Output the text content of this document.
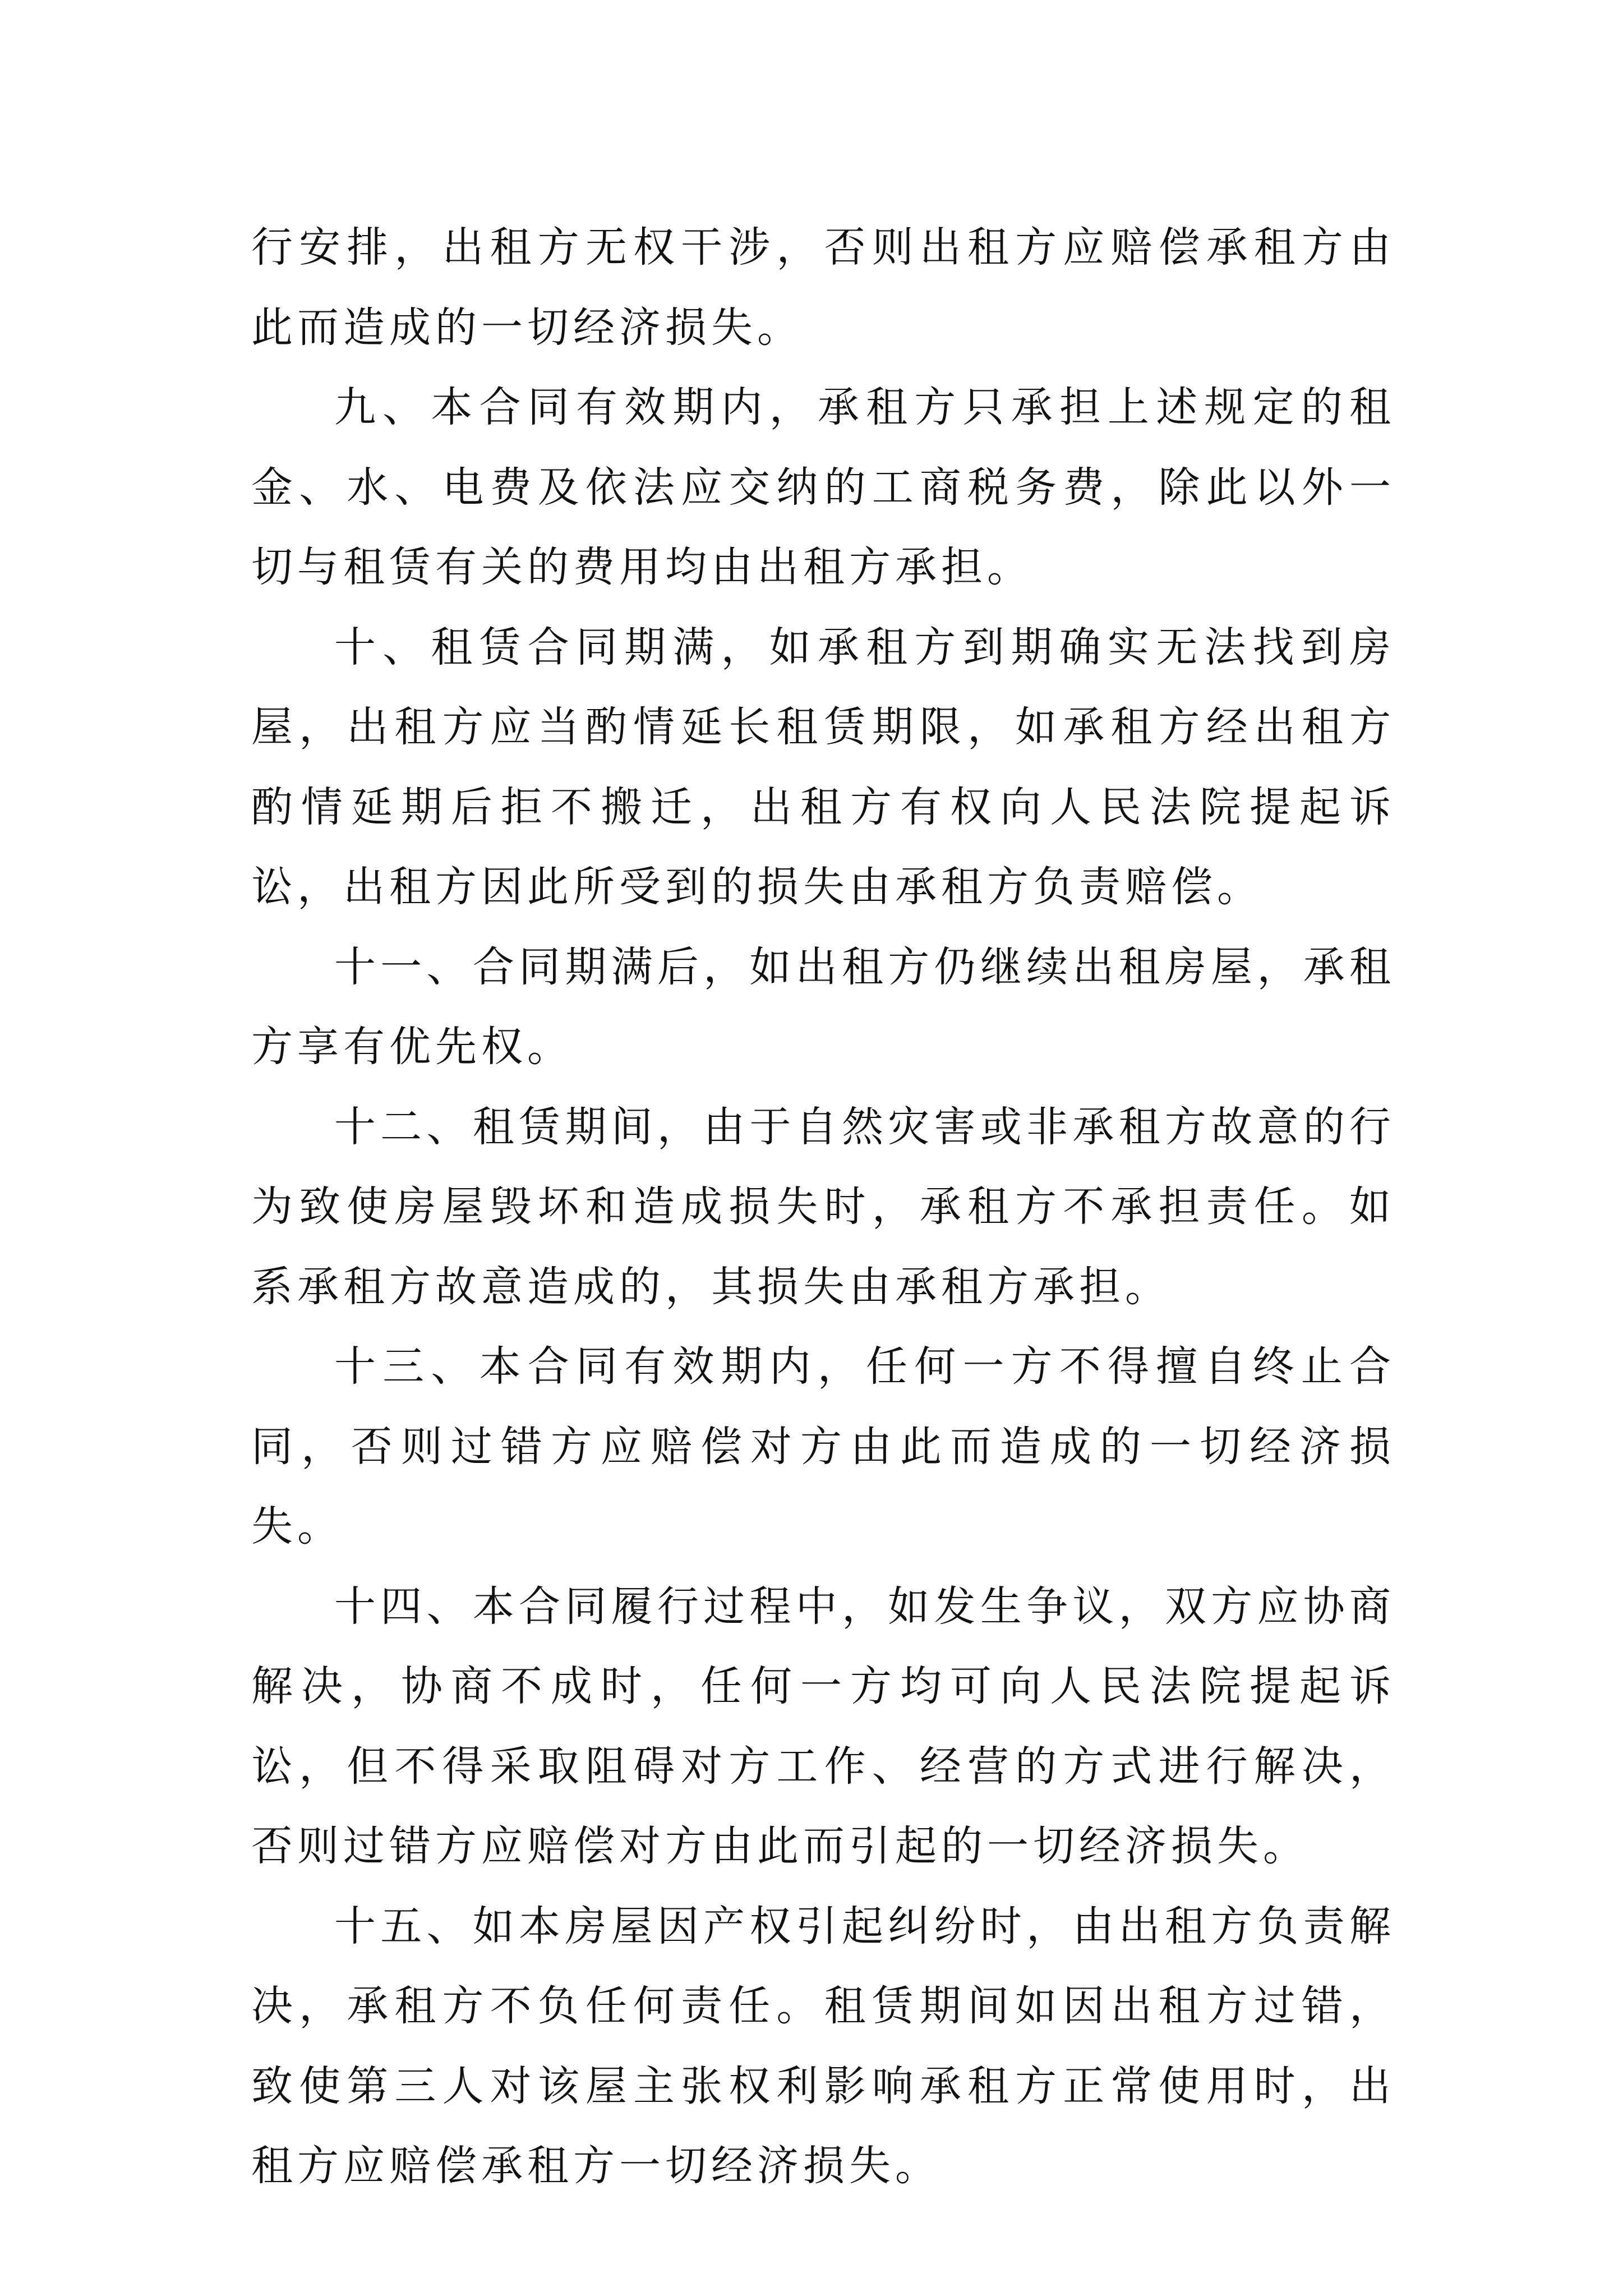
行安排，出租方无权干涉，否则出租方应赔偿承租方由此而造成的一切经济损失。

九、本合同有效期内，承租方只承担上述规定的租金、水、电费及依法应交纳的工商税务费，除此以外一切与租赁有关的费用均由出租方承担。

十、租赁合同期满，如承租方到期确实无法找到房屋，出租方应当酌情延长租赁期限，如承租方经出租方酌情延期后拒不搬迁，出租方有权向人民法院提起诉讼，出租方因此所受到的损失由承租方负责赔偿。

十一、合同期满后，如出租方仍继续出租房屋，承租方享有优先权。

十二、租赁期间，由于自然灾害或非承租方故意的行为致使房屋毁坏和造成损失时，承租方不承担责任。如系承租方故意造成的，其损失由承租方承担。

十三、本合同有效期内，任何一方不得擅自终止合同，否则过错方应赔偿对方由此而造成的一切经济损失。

十四、本合同履行过程中，如发生争议，双方应协商解决，协商不成时，任何一方均可向人民法院提起诉讼，但不得采取阻碍对方工作、经营的方式进行解决，否则过错方应赔偿对方由此而引起的一切经济损失。

十五、如本房屋因产权引起纠纷时，由出租方负责解决，承租方不负任何责任。租赁期间如因出租方过错，致使第三人对该屋主张权利影响承租方正常使用时，出租方应赔偿承租方一切经济损失。
